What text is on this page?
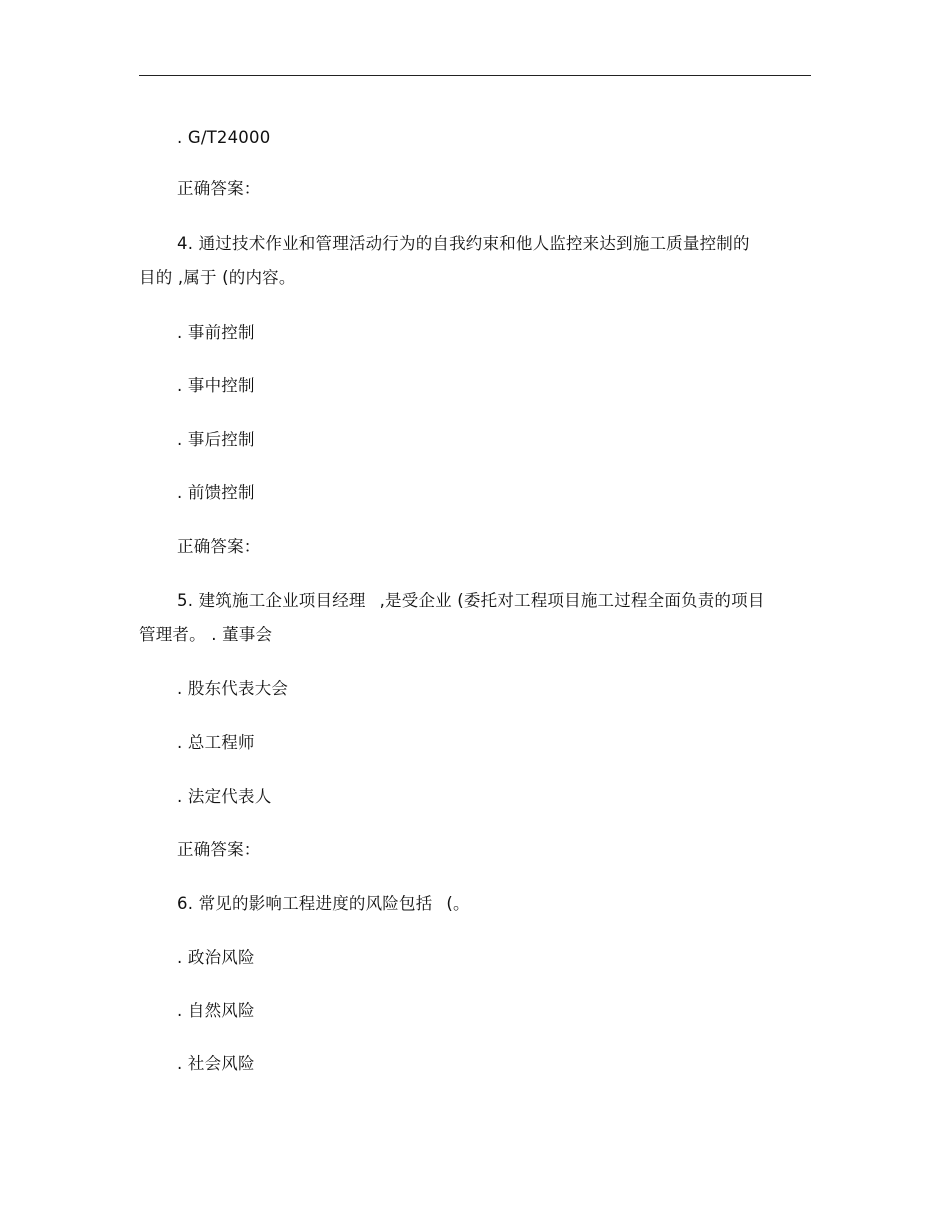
. G/T24000
正确答案：
4. 通过技术作业和管理活动行为的自我约束和他人监控来达到施工质量控制的
目的 ,属于 (的内容。
. 事前控制
. 事中控制
. 事后控制
. 前馈控制
正确答案：
5. 建筑施工企业项目经理 ,是受企业 (委托对工程项目施工过程全面负责的项目
管理者。 . 董事会
. 股东代表大会
. 总工程师
. 法定代表人
正确答案：
6. 常见的影响工程进度的风险包括 (。
. 政治风险
. 自然风险
. 社会风险
